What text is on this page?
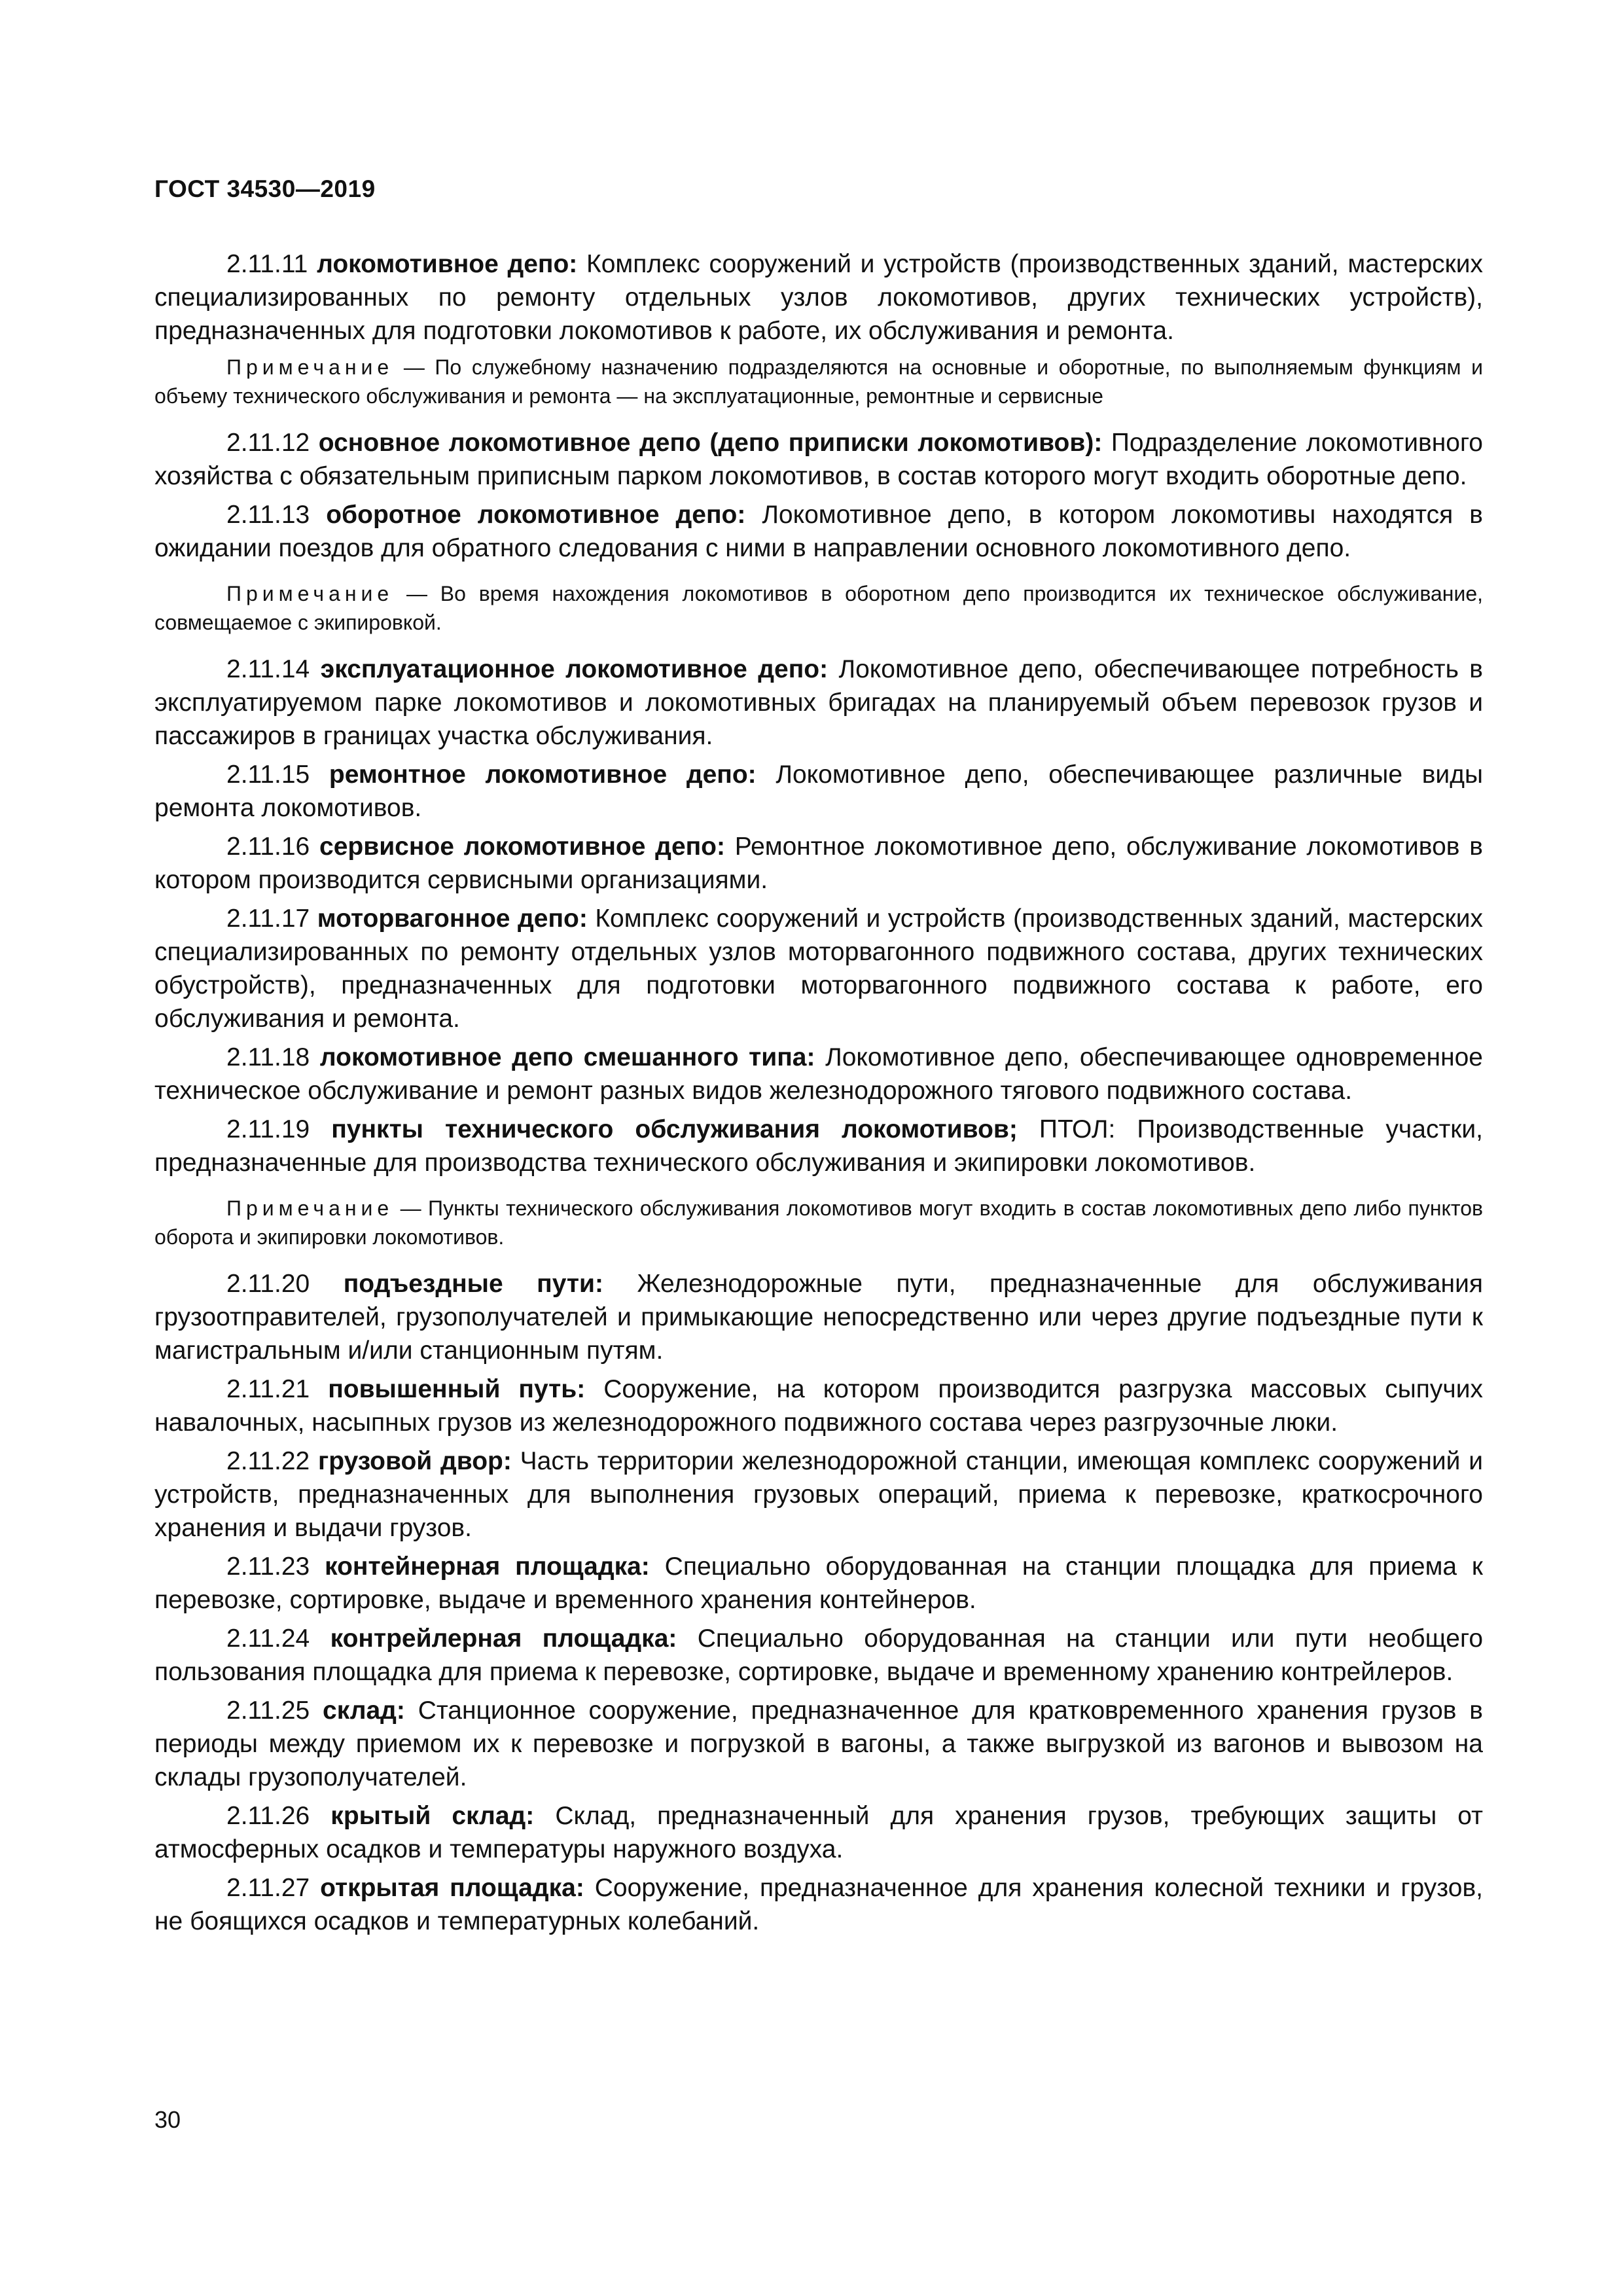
ГОСТ 34530—2019

2.11.11 локомотивное депо: Комплекс сооружений и устройств (производственных зданий, мастерских специализированных по ремонту отдельных узлов локомотивов, других технических устройств), предназначенных для подготовки локомотивов к работе, их обслуживания и ремонта.

Примечание — По служебному назначению подразделяются на основные и оборотные, по выполняемым функциям и объему технического обслуживания и ремонта — на эксплуатационные, ремонтные и сервисные

2.11.12 основное локомотивное депо (депо приписки локомотивов): Подразделение локомотивного хозяйства с обязательным приписным парком локомотивов, в состав которого могут входить оборотные депо.

2.11.13 оборотное локомотивное депо: Локомотивное депо, в котором локомотивы находятся в ожидании поездов для обратного следования с ними в направлении основного локомотивного депо.

Примечание — Во время нахождения локомотивов в оборотном депо производится их техническое обслуживание, совмещаемое с экипировкой.

2.11.14 эксплуатационное локомотивное депо: Локомотивное депо, обеспечивающее потребность в эксплуатируемом парке локомотивов и локомотивных бригадах на планируемый объем перевозок грузов и пассажиров в границах участка обслуживания.

2.11.15 ремонтное локомотивное депо: Локомотивное депо, обеспечивающее различные виды ремонта локомотивов.

2.11.16 сервисное локомотивное депо: Ремонтное локомотивное депо, обслуживание локомотивов в котором производится сервисными организациями.

2.11.17 моторвагонное депо: Комплекс сооружений и устройств (производственных зданий, мастерских специализированных по ремонту отдельных узлов моторвагонного подвижного состава, других технических обустройств), предназначенных для подготовки моторвагонного подвижного состава к работе, его обслуживания и ремонта.

2.11.18 локомотивное депо смешанного типа: Локомотивное депо, обеспечивающее одновременное техническое обслуживание и ремонт разных видов железнодорожного тягового подвижного состава.

2.11.19 пункты технического обслуживания локомотивов; ПТОЛ: Производственные участки, предназначенные для производства технического обслуживания и экипировки локомотивов.

Примечание — Пункты технического обслуживания локомотивов могут входить в состав локомотивных депо либо пунктов оборота и экипировки локомотивов.

2.11.20 подъездные пути: Железнодорожные пути, предназначенные для обслуживания грузоотправителей, грузополучателей и примыкающие непосредственно или через другие подъездные пути к магистральным и/или станционным путям.

2.11.21 повышенный путь: Сооружение, на котором производится разгрузка массовых сыпучих навалочных, насыпных грузов из железнодорожного подвижного состава через разгрузочные люки.

2.11.22 грузовой двор: Часть территории железнодорожной станции, имеющая комплекс сооружений и устройств, предназначенных для выполнения грузовых операций, приема к перевозке, краткосрочного хранения и выдачи грузов.

2.11.23 контейнерная площадка: Специально оборудованная на станции площадка для приема к перевозке, сортировке, выдаче и временного хранения контейнеров.

2.11.24 контрейлерная площадка: Специально оборудованная на станции или пути необщего пользования площадка для приема к перевозке, сортировке, выдаче и временному хранению контрейлеров.

2.11.25 склад: Станционное сооружение, предназначенное для кратковременного хранения грузов в периоды между приемом их к перевозке и погрузкой в вагоны, а также выгрузкой из вагонов и вывозом на склады грузополучателей.

2.11.26 крытый склад: Склад, предназначенный для хранения грузов, требующих защиты от атмосферных осадков и температуры наружного воздуха.

2.11.27 открытая площадка: Сооружение, предназначенное для хранения колесной техники и грузов, не боящихся осадков и температурных колебаний.

30
